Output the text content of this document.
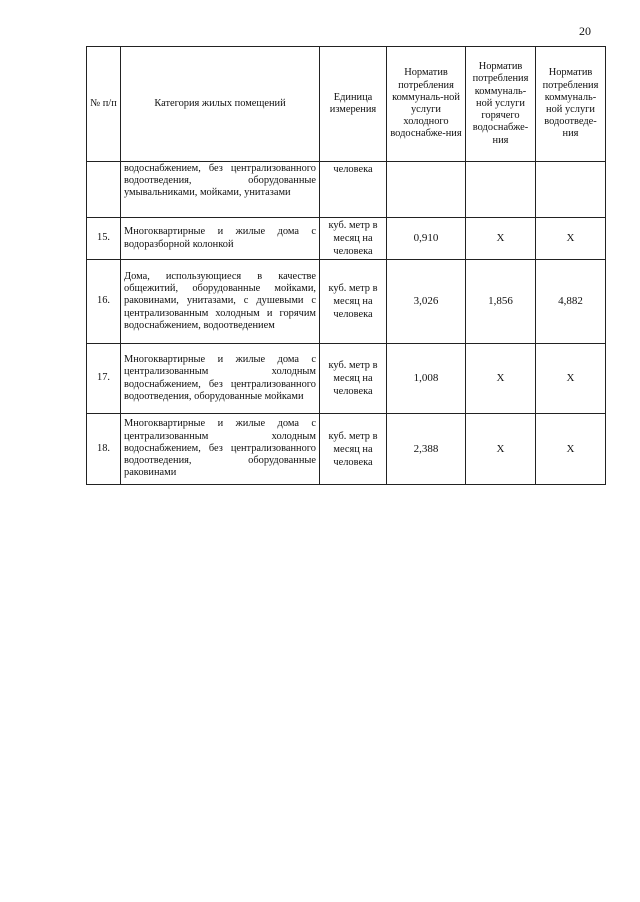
20
№ п/п	Категория жилых помещений	Единица измерения	Норматив потребления коммуналь-ной услуги холодного водоснабже-ния	Норматив потребления коммуналь-ной услуги горячего водоснабже-ния	Норматив потребления коммуналь-ной услуги водоотведе-ния
	водоснабжением, без централизованного водоотведения, оборудованные умывальниками, мойками, унитазами	человека			
15.	Многоквартирные и жилые дома с водоразборной колонкой	куб. метр в месяц на человека	0,910	X	X
16.	Дома, использующиеся в качестве общежитий, оборудованные мойками, раковинами, унитазами, с душевыми с централизованным холодным и горячим водоснабжением, водоотведением	куб. метр в месяц на человека	3,026	1,856	4,882
17.	Многоквартирные и жилые дома с централизованным холодным водоснабжением, без централизованного водоотведения, оборудованные мойками	куб. метр в месяц на человека	1,008	X	X
18.	Многоквартирные и жилые дома с централизованным холодным водоснабжением, без централизованного водоотведения, оборудованные раковинами	куб. метр в месяц на человека	2,388	X	X
